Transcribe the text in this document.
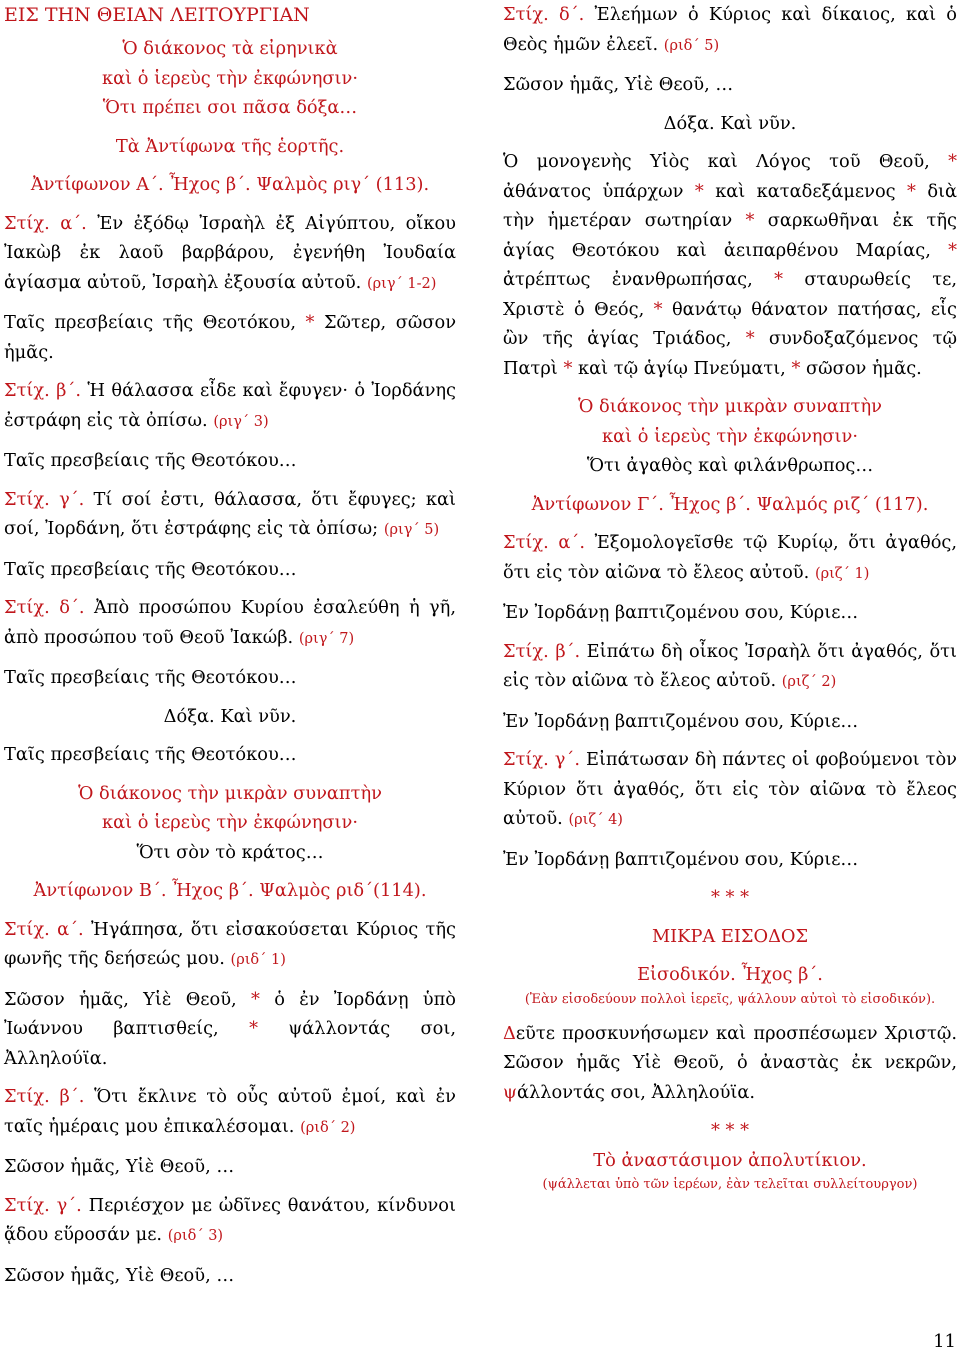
ΕΙΣ ΤΗΝ ΘΕΙΑΝ ΛΕΙΤΟΥΡΓΙΑΝ
Ὁ διάκονος τὰ εἰρηνικὰ
καὶ ὁ ἱερεὺς τὴν ἐκφώνησιν·
Ὅτι πρέπει σοι πᾶσα δόξα…
Τὰ Ἀντίφωνα τῆς ἑορτῆς.
Ἀντίφωνον Α΄. Ἦχος β΄. Ψαλμὸς ριγ΄ (113).
Στίχ. α΄. Ἐν ἐξόδῳ Ἰσραὴλ ἐξ Αἰγύπτου, οἴκου Ἰακὼβ ἐκ λαοῦ βαρβάρου, ἐγενήθη Ἰουδαία ἁγίασμα αὐτοῦ, Ἰσραὴλ ἐξουσία αὐτοῦ. (ριγ΄ 1-2)
Ταῖς πρεσβείαις τῆς Θεοτόκου, * Σῶτερ, σῶσον ἡμᾶς.
Στίχ. β΄. Ἡ θάλασσα εἶδε καὶ ἔφυγεν· ὁ Ἰορδάνης ἐστράφη εἰς τὰ ὀπίσω. (ριγ΄ 3)
Ταῖς πρεσβείαις τῆς Θεοτόκου…
Στίχ. γ΄. Τί σοί ἐστι, θάλασσα, ὅτι ἔφυγες; καὶ σοί, Ἰορδάνη, ὅτι ἐστράφης εἰς τὰ ὀπίσω; (ριγ΄ 5)
Ταῖς πρεσβείαις τῆς Θεοτόκου…
Στίχ. δ΄. Ἀπὸ προσώπου Κυρίου ἐσαλεύθη ἡ γῆ, ἀπὸ προσώπου τοῦ Θεοῦ Ἰακώβ. (ριγ΄ 7)
Ταῖς πρεσβείαις τῆς Θεοτόκου…
Δόξα. Καὶ νῦν.
Ταῖς πρεσβείαις τῆς Θεοτόκου…
Ὁ διάκονος τὴν μικρὰν συναπτὴν
καὶ ὁ ἱερεὺς τὴν ἐκφώνησιν·
Ὅτι σὸν τὸ κράτος…
Ἀντίφωνον Β΄. Ἦχος β΄. Ψαλμὸς ριδ΄(114).
Στίχ. α΄. Ἠγάπησα, ὅτι εἰσακούσεται Κύριος τῆς φωνῆς τῆς δεήσεώς μου. (ριδ΄ 1)
Σῶσον ἡμᾶς, Υἱὲ Θεοῦ, * ὁ ἐν Ἰορδάνῃ ὑπὸ Ἰωάννου βαπτισθείς, * ψάλλοντάς σοι, Ἀλληλούϊα.
Στίχ. β΄. Ὅτι ἔκλινε τὸ οὖς αὐτοῦ ἐμοί, καὶ ἐν ταῖς ἡμέραις μου ἐπικαλέσομαι. (ριδ΄ 2)
Σῶσον ἡμᾶς, Υἱὲ Θεοῦ, …
Στίχ. γ΄. Περιέσχον με ὠδῖνες θανάτου, κίνδυνοι ᾅδου εὕροσάν με. (ριδ΄ 3)
Σῶσον ἡμᾶς, Υἱὲ Θεοῦ, …
Στίχ. δ΄. Ἐλεήμων ὁ Κύριος καὶ δίκαιος, καὶ ὁ Θεὸς ἡμῶν ἐλεεῖ. (ριδ΄ 5)
Σῶσον ἡμᾶς, Υἱὲ Θεοῦ, …
Δόξα. Καὶ νῦν.
Ὁ μονογενὴς Υἱὸς καὶ Λόγος τοῦ Θεοῦ, * ἀθάνατος ὑπάρχων * καὶ καταδεξάμενος * διὰ τὴν ἡμετέραν σωτηρίαν * σαρκωθῆναι ἐκ τῆς ἁγίας Θεοτόκου καὶ ἀειπαρθένου Μαρίας, * ἀτρέπτως ἐνανθρωπήσας, * σταυρωθείς τε, Χριστὲ ὁ Θεός, * θανάτῳ θάνατον πατήσας, εἷς ὢν τῆς ἁγίας Τριάδος, * συνδοξαζόμενος τῷ Πατρὶ * καὶ τῷ ἁγίῳ Πνεύματι, * σῶσον ἡμᾶς.
Ὁ διάκονος τὴν μικρὰν συναπτὴν
καὶ ὁ ἱερεὺς τὴν ἐκφώνησιν·
Ὅτι ἀγαθὸς καὶ φιλάνθρωπος…
Ἀντίφωνον Γ΄. Ἦχος β΄. Ψαλμός ριζ΄ (117).
Στίχ. α΄. Ἐξομολογεῖσθε τῷ Κυρίῳ, ὅτι ἀγαθός, ὅτι εἰς τὸν αἰῶνα τὸ ἔλεος αὐτοῦ. (ριζ΄ 1)
Ἐν Ἰορδάνῃ βαπτιζομένου σου, Κύριε…
Στίχ. β΄. Εἰπάτω δὴ οἶκος Ἰσραὴλ ὅτι ἀγαθός, ὅτι εἰς τὸν αἰῶνα τὸ ἔλεος αὐτοῦ. (ριζ΄ 2)
Ἐν Ἰορδάνῃ βαπτιζομένου σου, Κύριε…
Στίχ. γ΄. Εἰπάτωσαν δὴ πάντες οἱ φοβούμενοι τὸν Κύριον ὅτι ἀγαθός, ὅτι εἰς τὸν αἰῶνα τὸ ἔλεος αὐτοῦ. (ριζ΄ 4)
Ἐν Ἰορδάνῃ βαπτιζομένου σου, Κύριε…
* * *
ΜΙΚΡΑ ΕΙΣΟΔΟΣ
Εἰσοδικόν. Ἦχος β΄.
(Ἐὰν εἰσοδεύουν πολλοὶ ἱερεῖς, ψάλλουν αὐτοὶ τὸ εἰσοδικόν).
Δεῦτε προσκυνήσωμεν καὶ προσπέσωμεν Χριστῷ. Σῶσον ἡμᾶς Υἱὲ Θεοῦ, ὁ ἀναστὰς ἐκ νεκρῶν, ψάλλοντάς σοι, Ἀλληλούϊα.
* * *
Τὸ ἀναστάσιμον ἀπολυτίκιον.
(ψάλλεται ὑπὸ τῶν ἱερέων, ἐὰν τελεῖται συλλείτουργον)
11
